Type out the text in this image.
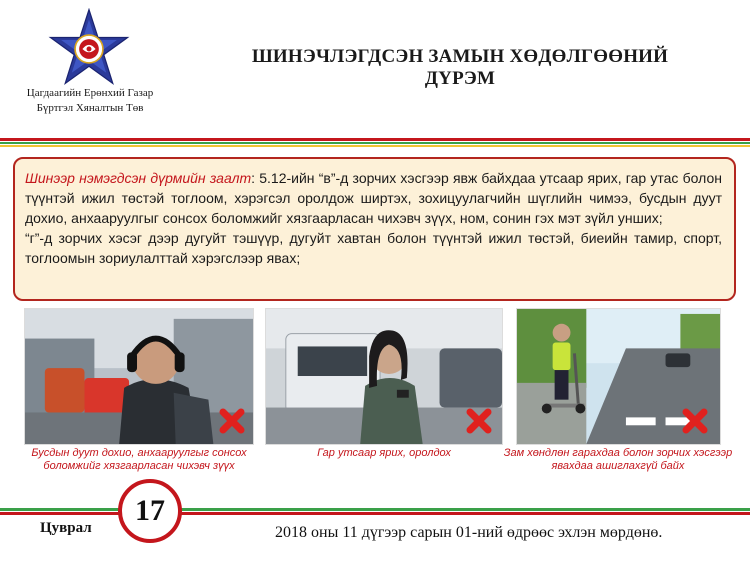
Цагдаагийн Ерөнхий Газар
Бүртгэл Хяналтын Төв
ШИНЭЧЛЭГДСЭН ЗАМЫН ХӨДӨЛГӨӨНИЙ
ДҮРЭМ

Шинээр нэмэгдсэн дүрмийн заалт: 5.12-ийн “в”-д зорчих хэсгээр явж байхдаа утсаар ярих, гар утас болон түүнтэй ижил төстэй тоглоом, хэрэгсэл оролдож ширтэх, зохицуулагчийн шүглийн чимээ, бусдын дуут дохио, анхааруулгыг сонсох боломжийг хязгаарласан чихэвч зүүх, ном, сонин гэх мэт зүйл унших;

“г”-д зорчих хэсэг дээр дугуйт тэшүүр, дугуйт хавтан болон түүнтэй ижил төстэй, биеийн тамир, спорт, тоглоомын зориулалттай хэрэгслээр явах;

Бусдын дуут дохио, анхааруулгыг сонсох боломжийг хязгаарласан чихэвч зүүх
Гар утсаар ярих, оролдох	Зам хөндлөн гарахдаа болон зорчих хэсгээр явахдаа ашиглахгүй байх
Цуврал
17
2018 оны 11 дүгээр сарын 01-ний өдрөөс эхлэн мөрдөнө.
